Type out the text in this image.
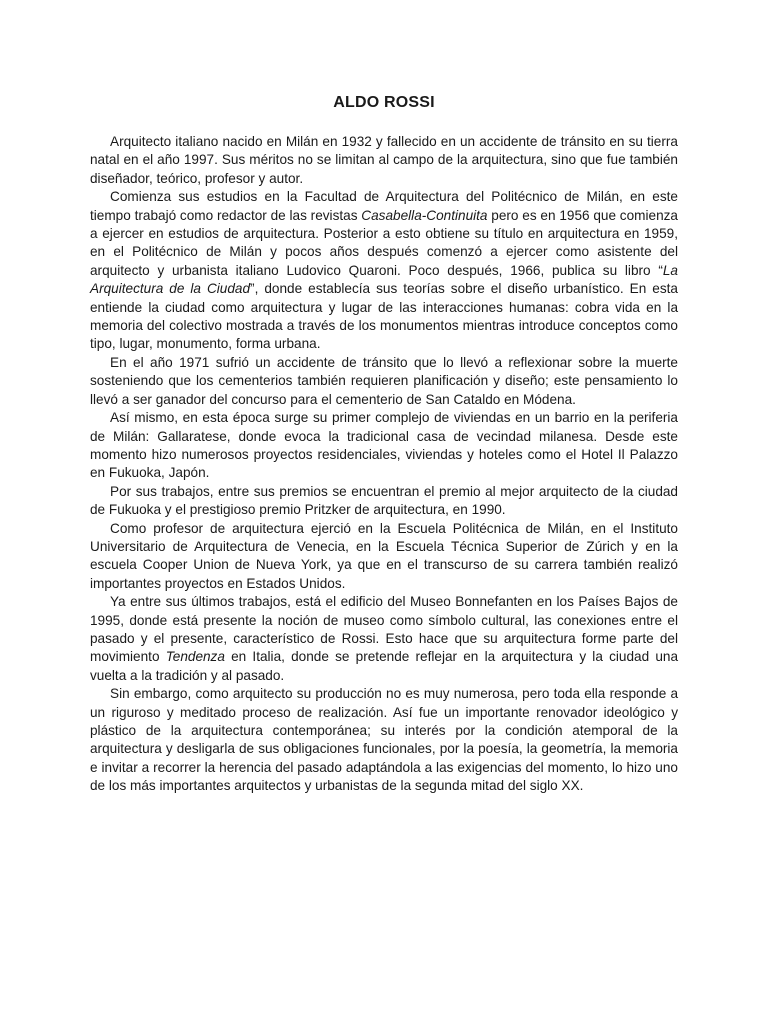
ALDO ROSSI

Arquitecto italiano nacido en Milán en 1932 y fallecido en un accidente de tránsito en su tierra natal en el año 1997. Sus méritos no se limitan al campo de la arquitectura, sino que fue también diseñador, teórico, profesor y autor.

Comienza sus estudios en la Facultad de Arquitectura del Politécnico de Milán, en este tiempo trabajó como redactor de las revistas Casabella-Continuita pero es en 1956 que comienza a ejercer en estudios de arquitectura. Posterior a esto obtiene su título en arquitectura en 1959, en el Politécnico de Milán y pocos años después comenzó a ejercer como asistente del arquitecto y urbanista italiano Ludovico Quaroni. Poco después, 1966, publica su libro “La Arquitectura de la Ciudad”, donde establecía sus teorías sobre el diseño urbanístico. En esta entiende la ciudad como arquitectura y lugar de las interacciones humanas: cobra vida en la memoria del colectivo mostrada a través de los monumentos mientras introduce conceptos como tipo, lugar, monumento, forma urbana.

En el año 1971 sufrió un accidente de tránsito que lo llevó a reflexionar sobre la muerte sosteniendo que los cementerios también requieren planificación y diseño; este pensamiento lo llevó a ser ganador del concurso para el cementerio de San Cataldo en Módena.

Así mismo, en esta época surge su primer complejo de viviendas en un barrio en la periferia de Milán: Gallaratese, donde evoca la tradicional casa de vecindad milanesa. Desde este momento hizo numerosos proyectos residenciales, viviendas y hoteles como el Hotel Il Palazzo en Fukuoka, Japón.

Por sus trabajos, entre sus premios se encuentran el premio al mejor arquitecto de la ciudad de Fukuoka y el prestigioso premio Pritzker de arquitectura, en 1990.

Como profesor de arquitectura ejerció en la Escuela Politécnica de Milán, en el Instituto Universitario de Arquitectura de Venecia, en la Escuela Técnica Superior de Zúrich y en la escuela Cooper Union de Nueva York, ya que en el transcurso de su carrera también realizó importantes proyectos en Estados Unidos.

Ya entre sus últimos trabajos, está el edificio del Museo Bonnefanten en los Países Bajos de 1995, donde está presente la noción de museo como símbolo cultural, las conexiones entre el pasado y el presente, característico de Rossi. Esto hace que su arquitectura forme parte del movimiento Tendenza en Italia, donde se pretende reflejar en la arquitectura y la ciudad una vuelta a la tradición y al pasado.

Sin embargo, como arquitecto su producción no es muy numerosa, pero toda ella responde a un riguroso y meditado proceso de realización. Así fue un importante renovador ideológico y plástico de la arquitectura contemporánea; su interés por la condición atemporal de la arquitectura y desligarla de sus obligaciones funcionales, por la poesía, la geometría, la memoria e invitar a recorrer la herencia del pasado adaptándola a las exigencias del momento, lo hizo uno de los más importantes arquitectos y urbanistas de la segunda mitad del siglo XX.
